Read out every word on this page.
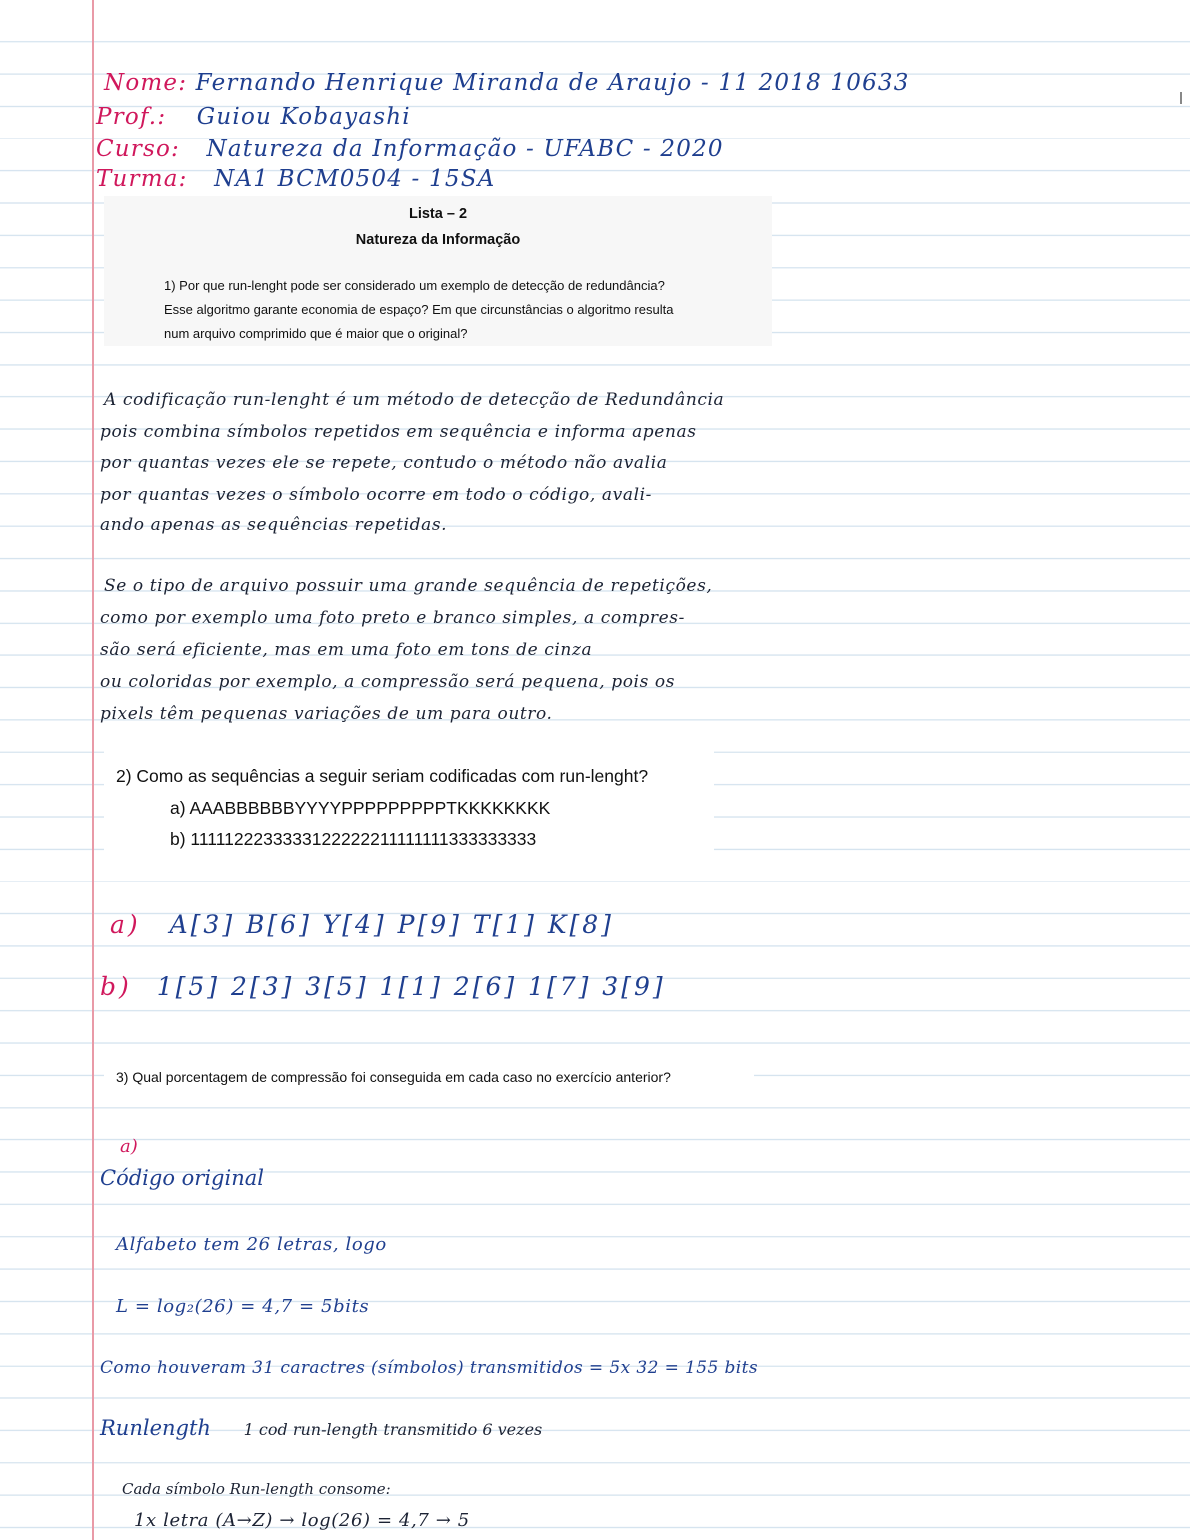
Nome: Fernando Henrique Miranda de Araujo - 11 2018 10633
Prof.: Guiou Kobayashi
Curso: Natureza da Informação - UFABC - 2020
Turma: NA1 BCM0504 - 15SA
Lista – 2
Natureza da Informação
1) Por que run-lenght pode ser considerado um exemplo de detecção de redundância?
Esse algoritmo garante economia de espaço? Em que circunstâncias o algoritmo resulta
num arquivo comprimido que é maior que o original?
A codificação run-lenght é um método de detecção de Redundância
pois combina símbolos repetidos em sequência e informa apenas
por quantas vezes ele se repete, contudo o método não avalia
por quantas vezes o símbolo ocorre em todo o código, avali-
ando apenas as sequências repetidas.
Se o tipo de arquivo possuir uma grande sequência de repetições,
como por exemplo uma foto preto e branco simples, a compres-
são será eficiente, mas em uma foto em tons de cinza
ou coloridas por exemplo, a compressão será pequena, pois os
pixels têm pequenas variações de um para outro.
2) Como as sequências a seguir seriam codificadas com run-lenght?
a) AAABBBBBBYYYYPPPPPPPPPTKKKKKKKK
b) 1111122233333122222211111111333333333
a) A[3] B[6] Y[4] P[9] T[1] K[8]
b) 1[5] 2[3] 3[5] 1[1] 2[6] 1[7] 3[9]
3) Qual porcentagem de compressão foi conseguida em cada caso no exercício anterior?
a)
Código original
Alfabeto tem 26 letras, logo
L = log₂(26) = 4,7 = 5bits
Como houveram 31 caractres (símbolos) transmitidos = 5x 32 = 155 bits
Runlength 1 cod run-length transmitido 6 vezes
Cada símbolo Run-length consome:
1x letra (A→Z) → log(26) = 4,7 → 5
